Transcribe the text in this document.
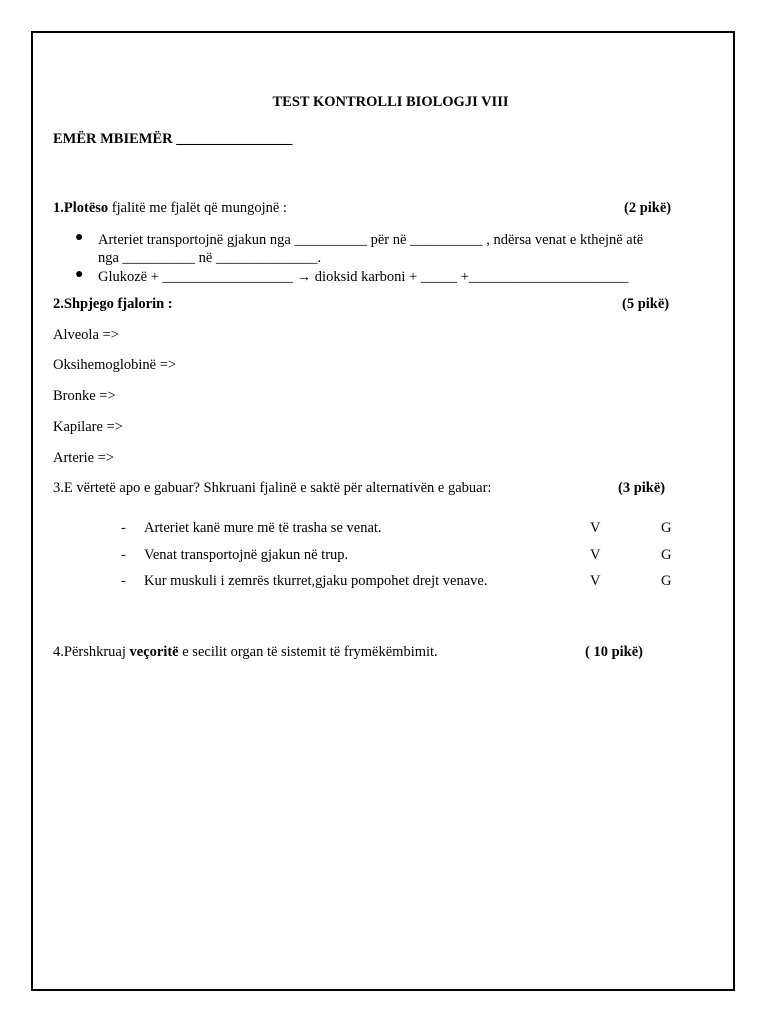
TEST KONTROLLI BIOLOGJI VIII
EMËR MBIEMËR ________________
1.Plotëso fjalitë me fjalët që mungojnë :	(2 pikë)
● Arteriet transportojnë gjakun nga __________ për në __________ , ndërsa venat e kthejnë atë
nga __________ në ______________.
● Glukozë + __________________ → dioksid karboni + _____ +______________________
2.Shpjego fjalorin :	(5 pikë)
Alveola =>
Oksihemoglobinë =>
Bronke =>
Kapilare =>
Arterie =>
3.E vërtetë apo e gabuar? Shkruani fjalinë e saktë për alternativën e gabuar:	(3 pikë)
- Arteriet kanë mure më të trasha se venat.	V	G
- Venat transportojnë gjakun në trup.	V	G
- Kur muskuli i zemrës tkurret,gjaku pompohet drejt venave.	V	G
4.Përshkruaj veçoritë e secilit organ të sistemit të frymëkëmbimit.	( 10 pikë)
